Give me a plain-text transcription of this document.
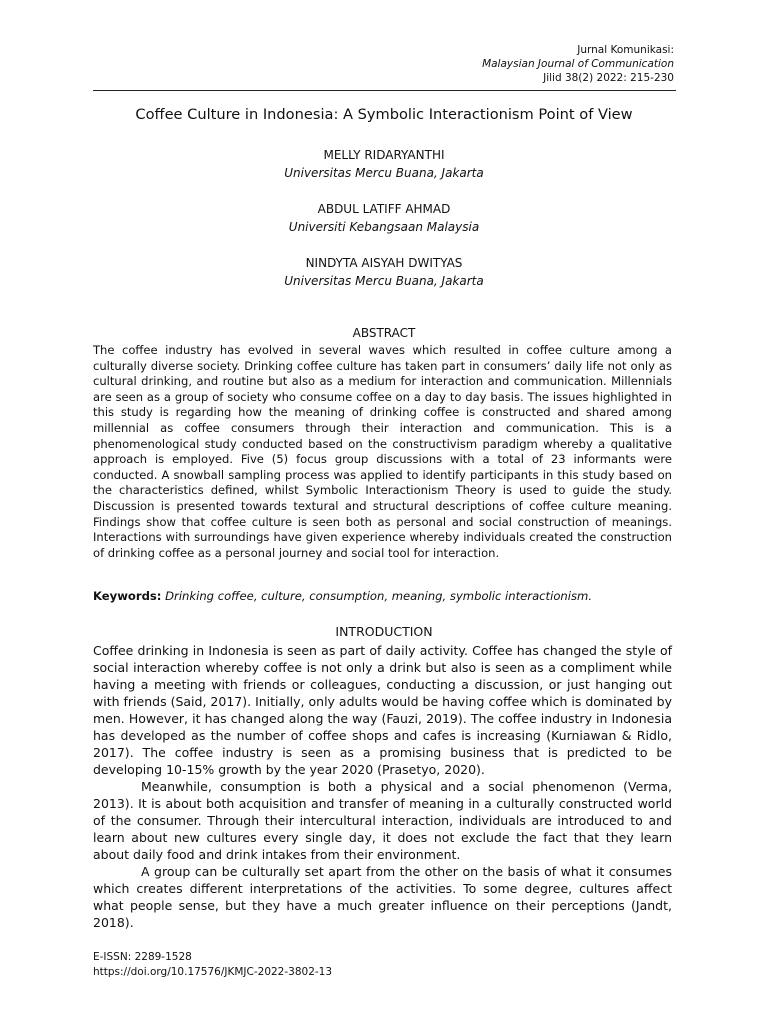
Jurnal Komunikasi:
Malaysian Journal of Communication
Jilid 38(2) 2022: 215-230
Coffee Culture in Indonesia: A Symbolic Interactionism Point of View
MELLY RIDARYANTHI
Universitas Mercu Buana, Jakarta
ABDUL LATIFF AHMAD
Universiti Kebangsaan Malaysia
NINDYTA AISYAH DWITYAS
Universitas Mercu Buana, Jakarta
ABSTRACT

The coffee industry has evolved in several waves which resulted in coffee culture among a culturally diverse society. Drinking coffee culture has taken part in consumers’ daily life not only as cultural drinking, and routine but also as a medium for interaction and communication. Millennials are seen as a group of society who consume coffee on a day to day basis. The issues highlighted in this study is regarding how the meaning of drinking coffee is constructed and shared among millennial as coffee consumers through their interaction and communication. This is a phenomenological study conducted based on the constructivism paradigm whereby a qualitative approach is employed. Five (5) focus group discussions with a total of 23 informants were conducted. A snowball sampling process was applied to identify participants in this study based on the characteristics defined, whilst Symbolic Interactionism Theory is used to guide the study. Discussion is presented towards textural and structural descriptions of coffee culture meaning. Findings show that coffee culture is seen both as personal and social construction of meanings. Interactions with surroundings have given experience whereby individuals created the construction of drinking coffee as a personal journey and social tool for interaction.

Keywords: Drinking coffee, culture, consumption, meaning, symbolic interactionism.

INTRODUCTION

Coffee drinking in Indonesia is seen as part of daily activity. Coffee has changed the style of social interaction whereby coffee is not only a drink but also is seen as a compliment while having a meeting with friends or colleagues, conducting a discussion, or just hanging out with friends (Said, 2017). Initially, only adults would be having coffee which is dominated by men. However, it has changed along the way (Fauzi, 2019). The coffee industry in Indonesia has developed as the number of coffee shops and cafes is increasing (Kurniawan & Ridlo, 2017). The coffee industry is seen as a promising business that is predicted to be developing 10-15% growth by the year 2020 (Prasetyo, 2020).

Meanwhile, consumption is both a physical and a social phenomenon (Verma, 2013). It is about both acquisition and transfer of meaning in a culturally constructed world of the consumer. Through their intercultural interaction, individuals are introduced to and learn about new cultures every single day, it does not exclude the fact that they learn about daily food and drink intakes from their environment.

A group can be culturally set apart from the other on the basis of what it consumes which creates different interpretations of the activities. To some degree, cultures affect what people sense, but they have a much greater influence on their perceptions (Jandt, 2018).

E-ISSN: 2289-1528
https://doi.org/10.17576/JKMJC-2022-3802-13
